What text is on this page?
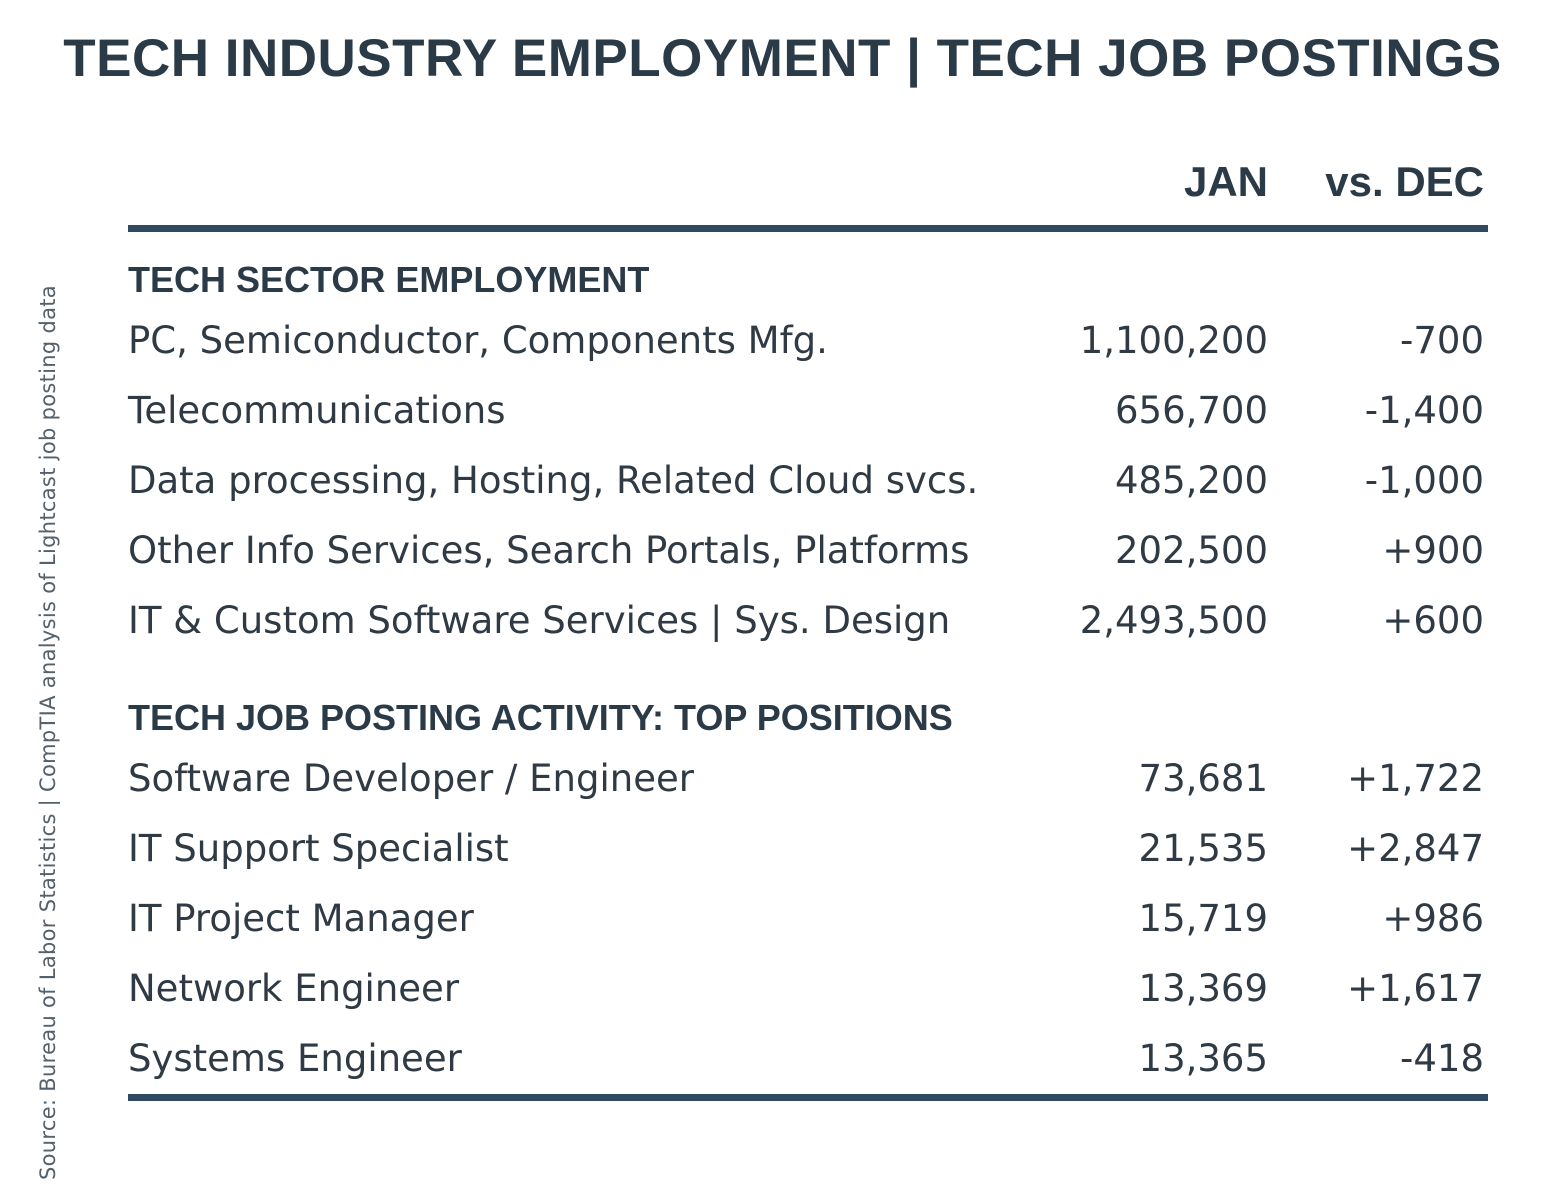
TECH INDUSTRY EMPLOYMENT | TECH JOB POSTINGS
Source: Bureau of Labor Statistics | CompTIA analysis of Lightcast job posting data
JAN vs. DEC
TECH SECTOR EMPLOYMENT
PC, Semiconductor, Components Mfg.	1,100,200	-700
Telecommunications	656,700	-1,400
Data processing, Hosting, Related Cloud svcs.	485,200	-1,000
Other Info Services, Search Portals, Platforms	202,500	+900
IT & Custom Software Services | Sys. Design	2,493,500	+600
TECH JOB POSTING ACTIVITY: TOP POSITIONS
Software Developer / Engineer	73,681 +1,722
IT Support Specialist	21,535 +2,847
IT Project Manager	15,719	+986
Network Engineer	13,369 +1,617
Systems Engineer	13,365	-418
